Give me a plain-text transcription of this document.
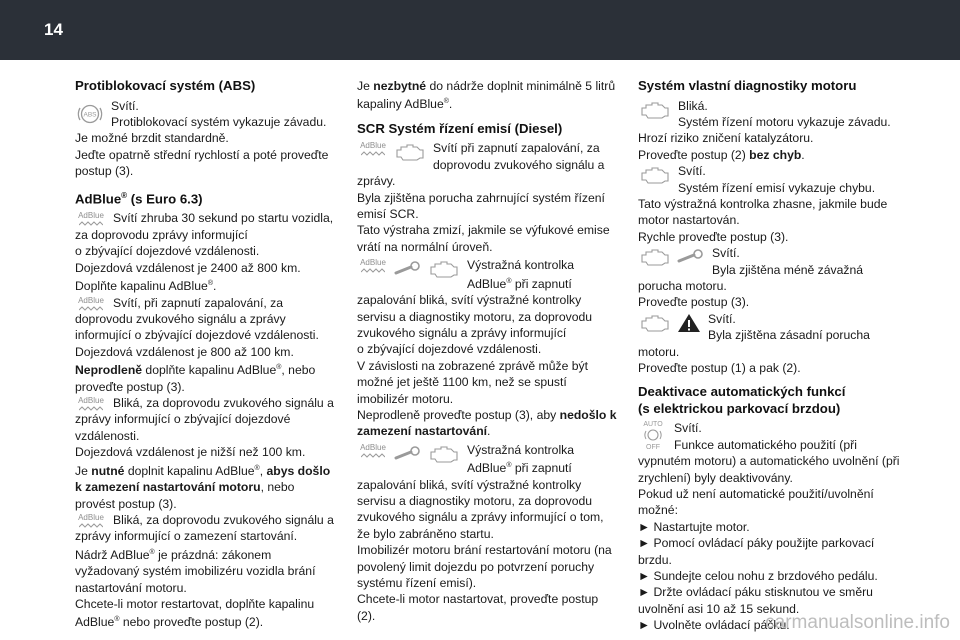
14
Protiblokovací systém (ABS)
ABS

Svítí.

Protiblokovací systém vykazuje závadu.

Je možné brzdit standardně.

Jeďte opatrně střední rychlostí a poté proveďte postup (3).

AdBlue® (s Euro 6.3)
AdBlue Svítí zhruba 30 sekund po startu vozidla, za doprovodu zprávy informující

o zbývající dojezdové vzdálenosti.

Dojezdová vzdálenost je 2400 až 800 km.

Doplňte kapalinu AdBlue®.

AdBlue Svítí, při zapnutí zapalování, za doprovodu zvukového signálu a zprávy informující o zbývající dojezdové vzdálenosti.

Dojezdová vzdálenost je 800 až 100 km.

Neprodleně doplňte kapalinu AdBlue®, nebo proveďte postup (3).

AdBlue Bliká, za doprovodu zvukového signálu a zprávy informující o zbývající dojezdové vzdálenosti.

Dojezdová vzdálenost je nižší než 100 km.

Je nutné doplnit kapalinu AdBlue®, abys došlo k zamezení nastartování motoru, nebo provést postup (3).

AdBlue Bliká, za doprovodu zvukového signálu a zprávy informující o zamezení startování.

Nádrž AdBlue® je prázdná: zákonem vyžadovaný systém imobilizéru vozidla brání nastartování motoru.

Chcete-li motor restartovat, doplňte kapalinu

AdBlue® nebo proveďte postup (2).

Je nezbytné do nádrže doplnit minimálně 5 litrů kapaliny AdBlue®.

SCR Systém řízení emisí (Diesel)
AdBlue	Svítí při zapnutí zapalování, za doprovodu zvukového signálu a zprávy.

Byla zjištěna porucha zahrnující systém řízení emisí SCR.

Tato výstraha zmizí, jakmile se výfukové emise vrátí na normální úroveň.

AdBlue	Výstražná kontrolka AdBlue® při zapnutí zapalování bliká, svítí výstražné kontrolky servisu a diagnostiky motoru, za doprovodu zvukového signálu a zprávy informující

o zbývající dojezdové vzdálenosti.

V závislosti na zobrazené zprávě může být možné jet ještě 1100 km, než se spustí imobilizér motoru.

Neprodleně proveďte postup (3), aby nedošlo k zamezení nastartování.

AdBlue	Výstražná kontrolka AdBlue® při zapnutí zapalování bliká, svítí výstražné kontrolky servisu a diagnostiky motoru, za doprovodu zvukového signálu a zprávy informující o tom, že bylo zabráněno startu.

Imobilizér motoru brání restartování motoru (na povolený limit dojezdu po potvrzení poruchy systému řízení emisí).

Chcete-li motor nastartovat, proveďte postup (2).

Systém vlastní diagnostiky motoru

Bliká.

Systém řízení motoru vykazuje závadu.

Hrozí riziko zničení katalyzátoru.

Proveďte postup (2) bez chyb.

Svítí.

Systém řízení emisí vykazuje chybu.

Tato výstražná kontrolka zhasne, jakmile bude motor nastartován.

Rychle proveďte postup (3).

Svítí.

Byla zjištěna méně závažná porucha motoru.

Proveďte postup (3).

Svítí.

Byla zjištěna zásadní porucha motoru.

Proveďte postup (1) a pak (2).

Deaktivace automatických funkcí
(s elektrickou parkovací brzdou)
AUTO
OFF

Svítí.

Funkce automatického použití (při vypnutém motoru) a automatického uvolnění (při zrychlení) byly deaktivovány.

Pokud už není automatické použití/uvolnění možné:

► Nastartujte motor.

► Pomocí ovládací páky použijte parkovací brzdu.

► Sundejte celou nohu z brzdového pedálu.

► Držte ovládací páku stisknutou ve směru uvolnění asi 10 až 15 sekund.

► Uvolněte ovládací páčku.

carmanualsonline.info
